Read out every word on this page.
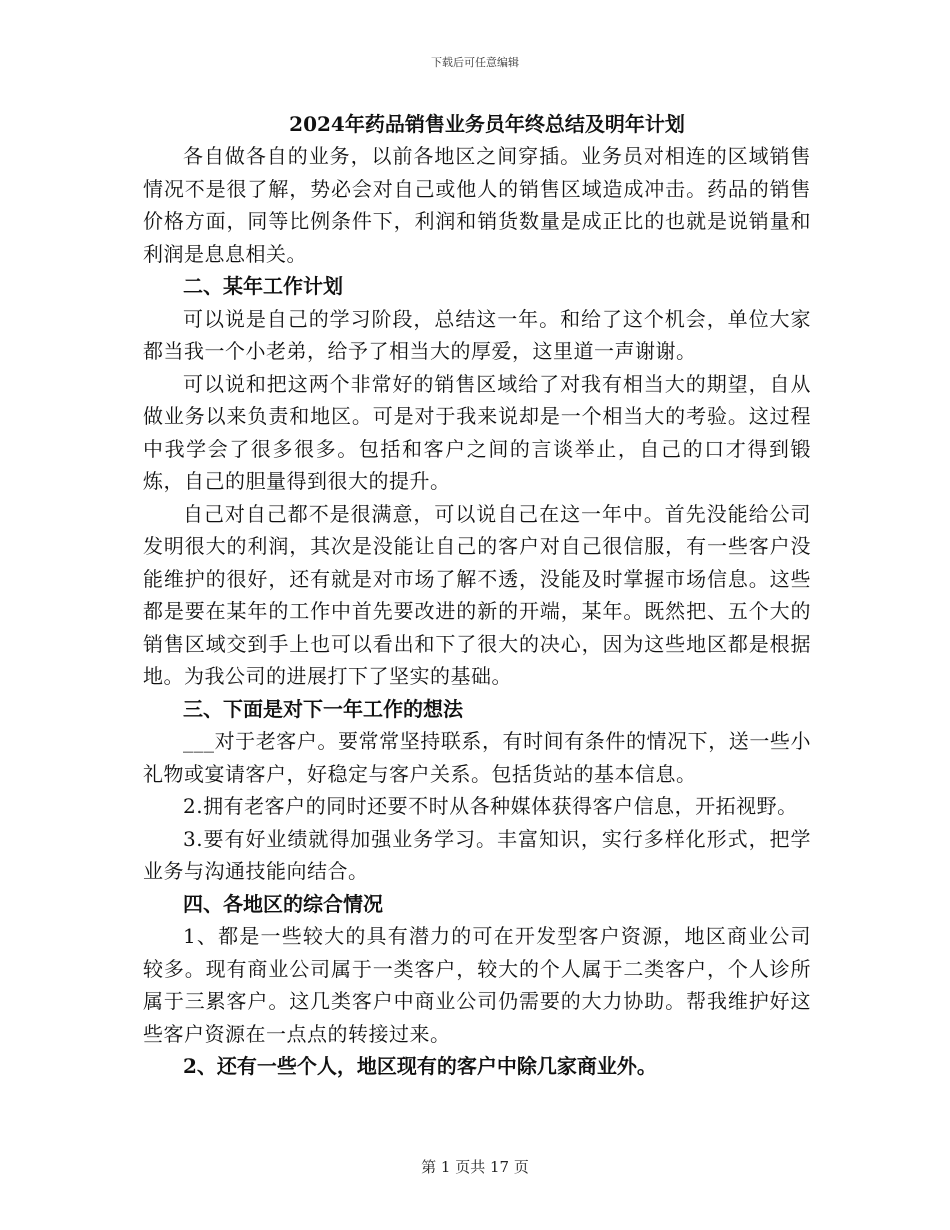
下载后可任意编辑
2024年药品销售业务员年终总结及明年计划

各自做各自的业务，以前各地区之间穿插。业务员对相连的区域销售情况不是很了解，势必会对自己或他人的销售区域造成冲击。药品的销售价格方面，同等比例条件下，利润和销货数量是成正比的也就是说销量和利润是息息相关。

二、某年工作计划

可以说是自己的学习阶段，总结这一年。和给了这个机会，单位大家都当我一个小老弟，给予了相当大的厚爱，这里道一声谢谢。

可以说和把这两个非常好的销售区域给了对我有相当大的期望，自从做业务以来负责和地区。可是对于我来说却是一个相当大的考验。这过程中我学会了很多很多。包括和客户之间的言谈举止，自己的口才得到锻炼，自己的胆量得到很大的提升。

自己对自己都不是很满意，可以说自己在这一年中。首先没能给公司发明很大的利润，其次是没能让自己的客户对自己很信服，有一些客户没能维护的很好，还有就是对市场了解不透，没能及时掌握市场信息。这些都是要在某年的工作中首先要改进的新的开端，某年。既然把、五个大的销售区域交到手上也可以看出和下了很大的决心，因为这些地区都是根据地。为我公司的进展打下了坚实的基础。

三、下面是对下一年工作的想法

___对于老客户。要常常坚持联系，有时间有条件的情况下，送一些小礼物或宴请客户，好稳定与客户关系。包括货站的基本信息。

2.拥有老客户的同时还要不时从各种媒体获得客户信息，开拓视野。

3.要有好业绩就得加强业务学习。丰富知识，实行多样化形式，把学业务与沟通技能向结合。

四、各地区的综合情况

1、都是一些较大的具有潜力的可在开发型客户资源，地区商业公司较多。现有商业公司属于一类客户，较大的个人属于二类客户，个人诊所属于三累客户。这几类客户中商业公司仍需要的大力协助。帮我维护好这些客户资源在一点点的转接过来。

2、还有一些个人，地区现有的客户中除几家商业外。

第 1 页共 17 页
